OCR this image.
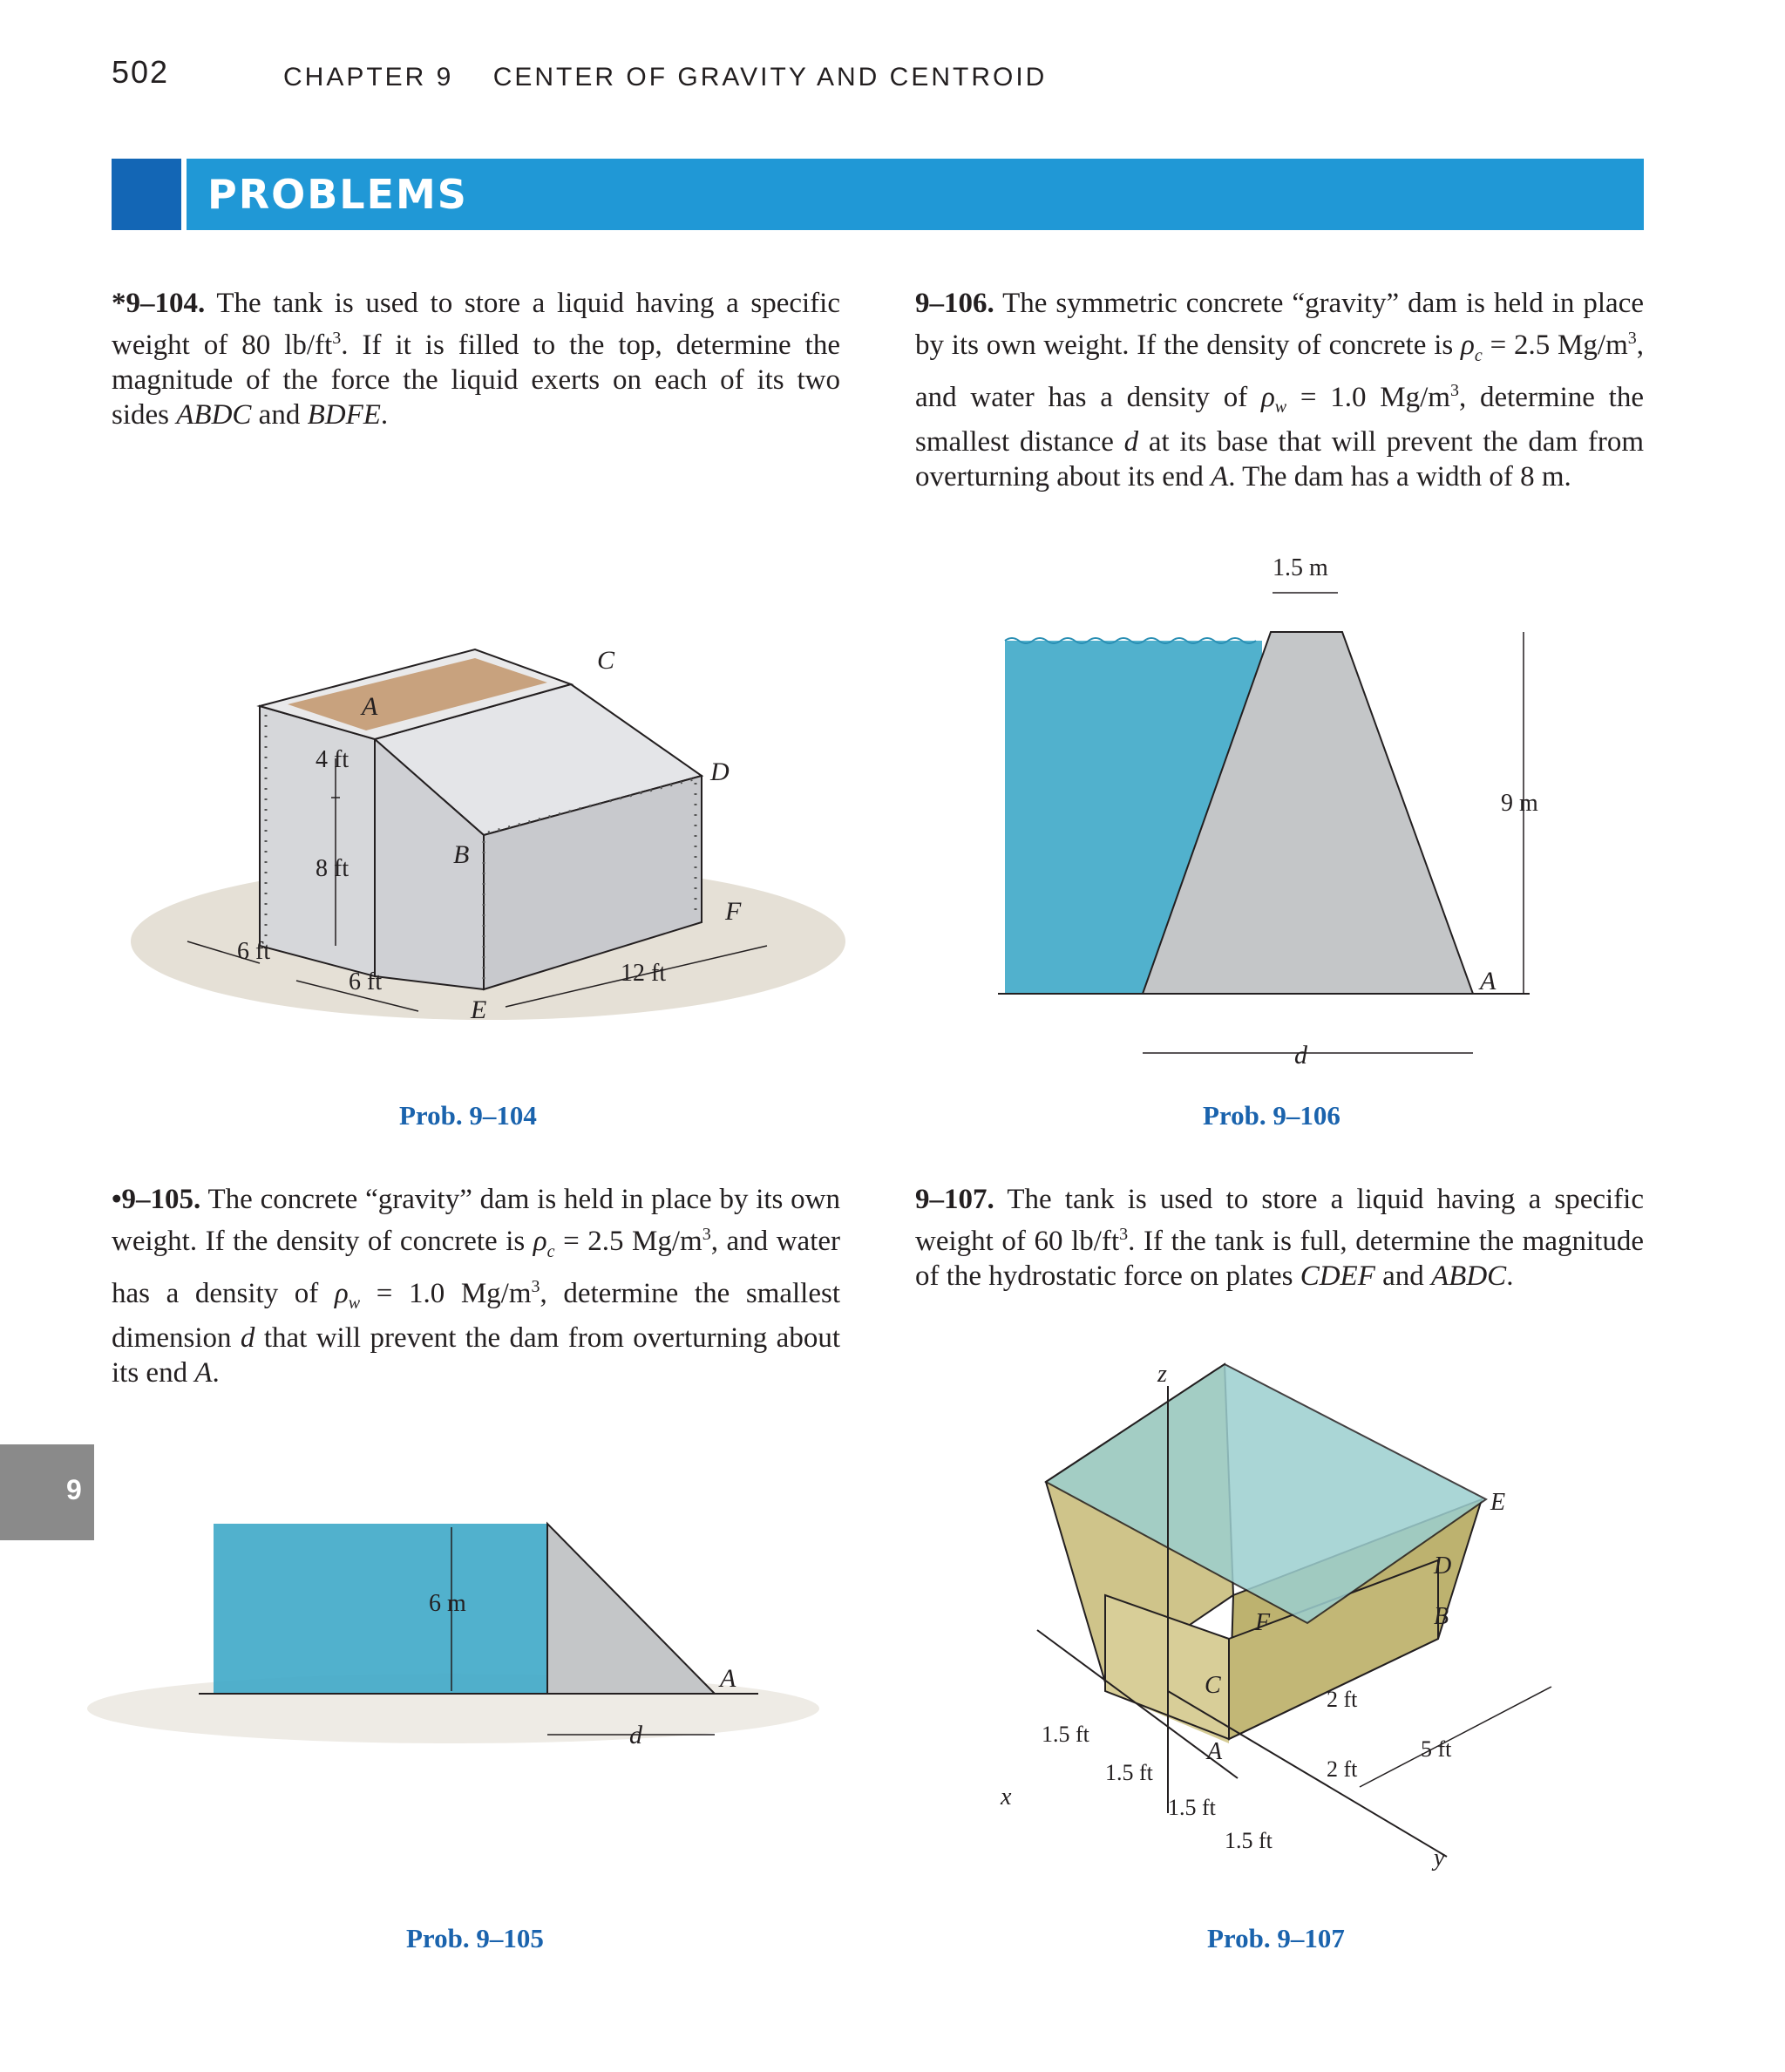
502	CHAPTER 9 CENTER OF GRAVITY AND CENTROID
PROBLEMS
9
*9–104. The tank is used to store a liquid having a specific weight of 80 $lb/ft^3$. If it is filled to the top, determine the magnitude of the force the liquid exerts on each of its two sides ABDC and BDFE.
9–106. The symmetric concrete “gravity” dam is held in place by its own weight. If the density of concrete is $\rho_c = 2.5$ $Mg/m^3$, and water has a density of $\rho_w = 1.0$ $Mg/m^3$, determine the smallest distance d at its base that will prevent the dam from overturning about its end A. The dam has a width of 8 m.
•9–105. The concrete “gravity” dam is held in place by its own weight. If the density of concrete is $\rho_c = 2.5$ $Mg/m^3$, and water has a density of $\rho_w = 1.0$ $Mg/m^3$, determine the smallest dimension d that will prevent the dam from overturning about its end A.
9–107. The tank is used to store a liquid having a specific weight of 60 $lb/ft^3$. If the tank is full, determine the magnitude of the hydrostatic force on plates CDEF and ABDC.
C
A
D
B
F
E
4 ft
8 ft
6 ft
6 ft	12 ft
Prob. 9–104
1.5 m
9 m
A
d
Prob. 9–106
6 m
A
d
Prob. 9–105
z
x
y
E
D
B
F
C
A
1.5 ft
1.5 ft
1.5 ft
1.5 ft
2 ft
2 ft
5 ft
Prob. 9–107
